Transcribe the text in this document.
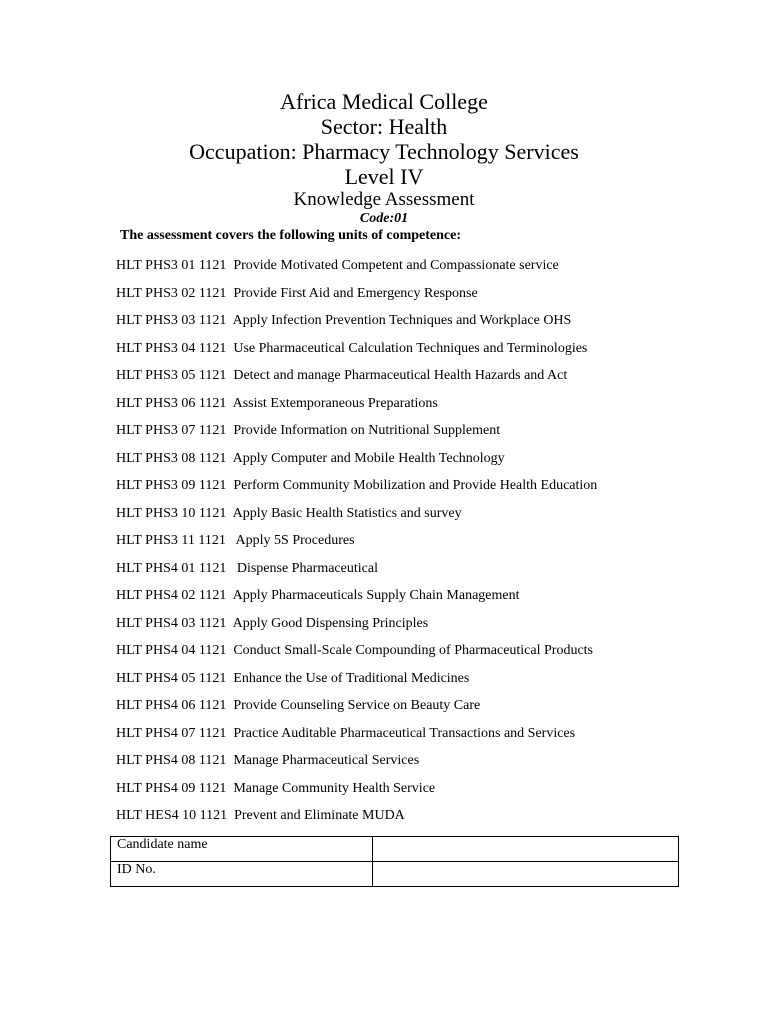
Africa Medical College
Sector: Health
Occupation: Pharmacy Technology Services
Level IV
Knowledge Assessment
Code:01
The assessment covers the following units of competence:
HLT PHS3 01 1121 Provide Motivated Competent and Compassionate service
HLT PHS3 02 1121 Provide First Aid and Emergency Response
HLT PHS3 03 1121 Apply Infection Prevention Techniques and Workplace OHS
HLT PHS3 04 1121 Use Pharmaceutical Calculation Techniques and Terminologies
HLT PHS3 05 1121 Detect and manage Pharmaceutical Health Hazards and Act
HLT PHS3 06 1121 Assist Extemporaneous Preparations
HLT PHS3 07 1121 Provide Information on Nutritional Supplement
HLT PHS3 08 1121 Apply Computer and Mobile Health Technology
HLT PHS3 09 1121 Perform Community Mobilization and Provide Health Education
HLT PHS3 10 1121 Apply Basic Health Statistics and survey
HLT PHS3 11 1121   Apply 5S Procedures
HLT PHS4 01 1121   Dispense Pharmaceutical
HLT PHS4 02 1121 Apply Pharmaceuticals Supply Chain Management
HLT PHS4 03 1121 Apply Good Dispensing Principles
HLT PHS4 04 1121 Conduct Small-Scale Compounding of Pharmaceutical Products
HLT PHS4 05 1121 Enhance the Use of Traditional Medicines
HLT PHS4 06 1121 Provide Counseling Service on Beauty Care
HLT PHS4 07 1121 Practice Auditable Pharmaceutical Transactions and Services
HLT PHS4 08 1121 Manage Pharmaceutical Services
HLT PHS4 09 1121 Manage Community Health Service
HLT HES4 10 1121 Prevent and Eliminate MUDA
Candidate name	
ID No.	
